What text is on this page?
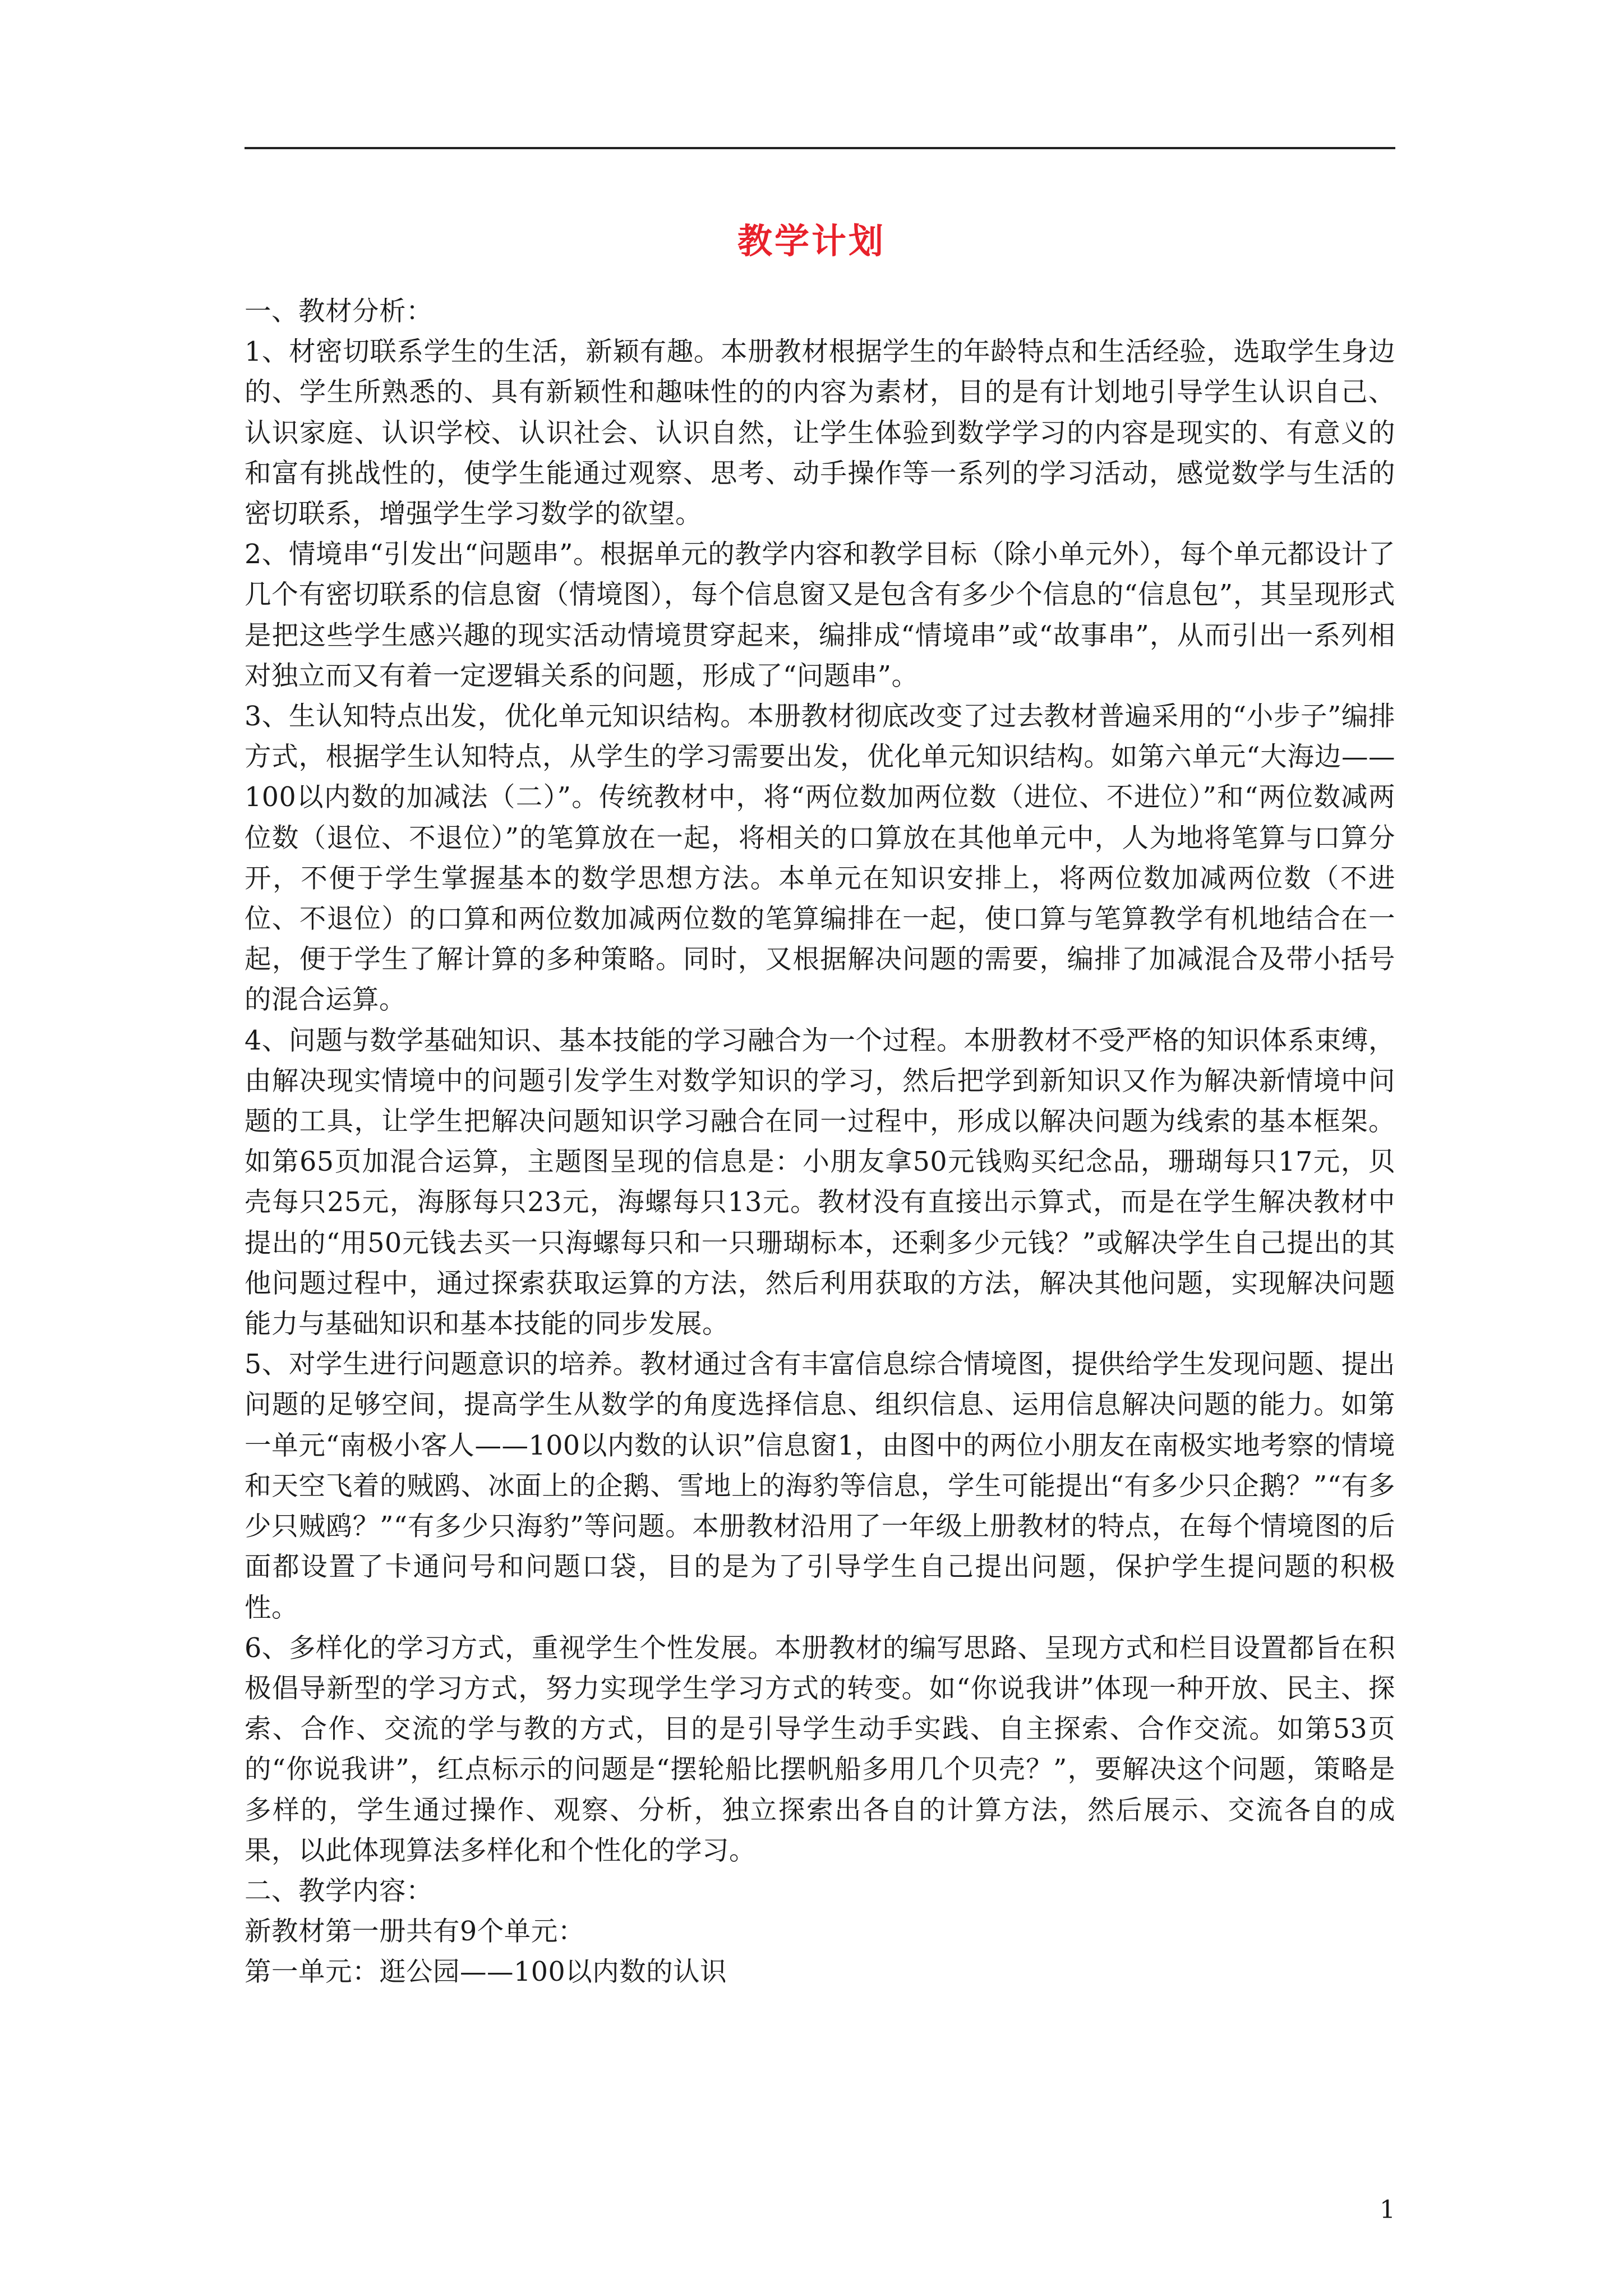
教学计划

一、教材分析：

1、材密切联系学生的生活，新颖有趣。本册教材根据学生的年龄特点和生活经验，选取学生身边的、学生所熟悉的、具有新颖性和趣味性的的内容为素材，目的是有计划地引导学生认识自己、认识家庭、认识学校、认识社会、认识自然，让学生体验到数学学习的内容是现实的、有意义的和富有挑战性的，使学生能通过观察、思考、动手操作等一系列的学习活动，感觉数学与生活的密切联系，增强学生学习数学的欲望。

2、情境串“引发出“问题串”。根据单元的教学内容和教学目标（除小单元外），每个单元都设计了几个有密切联系的信息窗（情境图），每个信息窗又是包含有多少个信息的“信息包”，其呈现形式是把这些学生感兴趣的现实活动情境贯穿起来，编排成“情境串”或“故事串”，从而引出一系列相对独立而又有着一定逻辑关系的问题，形成了“问题串”。

3、生认知特点出发，优化单元知识结构。本册教材彻底改变了过去教材普遍采用的“小步子”编排方式，根据学生认知特点，从学生的学习需要出发，优化单元知识结构。如第六单元“大海边——100以内数的加减法（二）”。传统教材中，将“两位数加两位数（进位、不进位）”和“两位数减两位数（退位、不退位）”的笔算放在一起，将相关的口算放在其他单元中，人为地将笔算与口算分开，不便于学生掌握基本的数学思想方法。本单元在知识安排上，将两位数加减两位数（不进位、不退位）的口算和两位数加减两位数的笔算编排在一起，使口算与笔算教学有机地结合在一起，便于学生了解计算的多种策略。同时，又根据解决问题的需要，编排了加减混合及带小括号的混合运算。

4、问题与数学基础知识、基本技能的学习融合为一个过程。本册教材不受严格的知识体系束缚，由解决现实情境中的问题引发学生对数学知识的学习，然后把学到新知识又作为解决新情境中问题的工具，让学生把解决问题知识学习融合在同一过程中，形成以解决问题为线索的基本框架。如第65页加混合运算，主题图呈现的信息是：小朋友拿50元钱购买纪念品，珊瑚每只17元，贝壳每只25元，海豚每只23元，海螺每只13元。教材没有直接出示算式，而是在学生解决教材中提出的“用50元钱去买一只海螺每只和一只珊瑚标本，还剩多少元钱？”或解决学生自己提出的其他问题过程中，通过探索获取运算的方法，然后利用获取的方法，解决其他问题，实现解决问题能力与基础知识和基本技能的同步发展。

5、对学生进行问题意识的培养。教材通过含有丰富信息综合情境图，提供给学生发现问题、提出问题的足够空间，提高学生从数学的角度选择信息、组织信息、运用信息解决问题的能力。如第一单元“南极小客人——100以内数的认识”信息窗1，由图中的两位小朋友在南极实地考察的情境和天空飞着的贼鸥、冰面上的企鹅、雪地上的海豹等信息，学生可能提出“有多少只企鹅？”“有多少只贼鸥？”“有多少只海豹”等问题。本册教材沿用了一年级上册教材的特点，在每个情境图的后面都设置了卡通问号和问题口袋，目的是为了引导学生自己提出问题，保护学生提问题的积极性。

6、多样化的学习方式，重视学生个性发展。本册教材的编写思路、呈现方式和栏目设置都旨在积极倡导新型的学习方式，努力实现学生学习方式的转变。如“你说我讲”体现一种开放、民主、探索、合作、交流的学与教的方式，目的是引导学生动手实践、自主探索、合作交流。如第53页的“你说我讲”，红点标示的问题是“摆轮船比摆帆船多用几个贝壳？”，要解决这个问题，策略是多样的，学生通过操作、观察、分析，独立探索出各自的计算方法，然后展示、交流各自的成果，以此体现算法多样化和个性化的学习。

二、教学内容：

新教材第一册共有9个单元：

第一单元：逛公园——100以内数的认识

1
